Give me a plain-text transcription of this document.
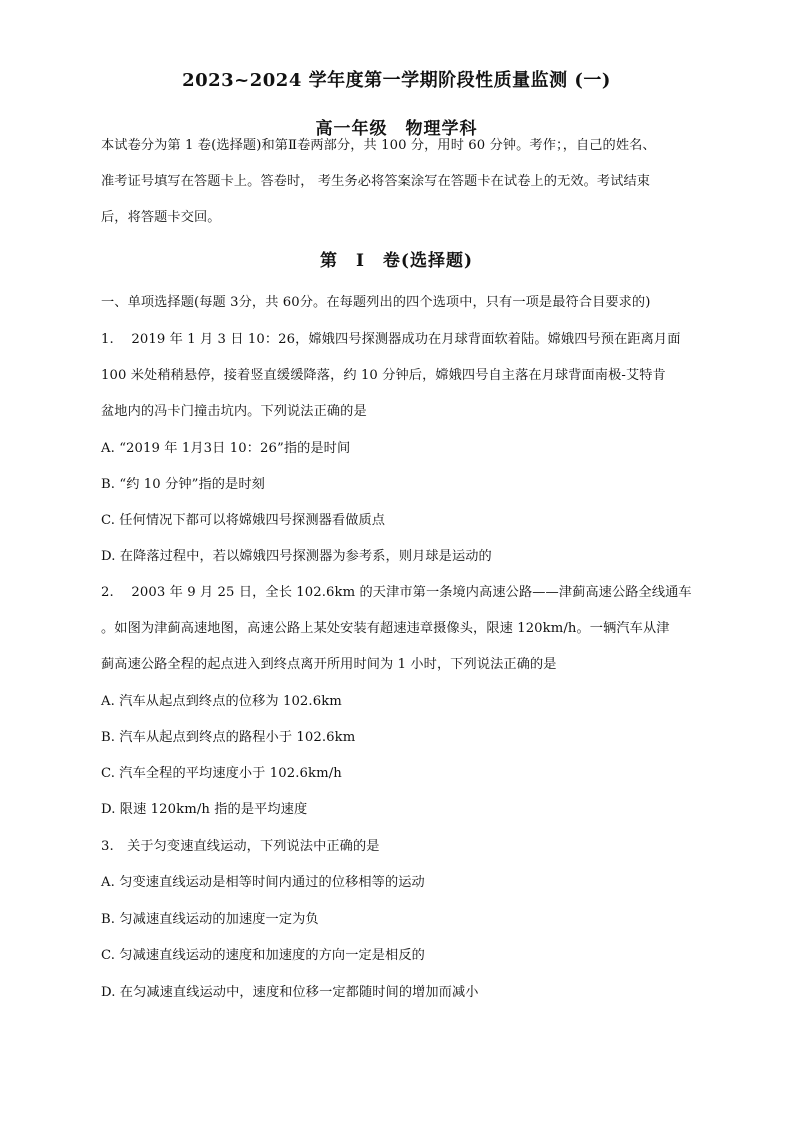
2023~2024 学年度第一学期阶段性质量监测 (一)
高一年级　物理学科
本试卷分为第 1 卷(选择题)和第Ⅱ卷两部分，共 100 分，用时 60 分钟。考作；，自己的姓名、
准考证号填写在答题卡上。答卷时， 考生务必将答案涂写在答题卡在试卷上的无效。考试结束
后，将答题卡交回。
第　Ⅰ　卷(选择题)
一、单项选择题(每题 3分，共 60分。在每题列出的四个选项中，只有一项是最符合目要求的)
1.　 2019 年 1 月 3 日 10：26，嫦娥四号探测器成功在月球背面软着陆。嫦娥四号预在距离月面
100 米处稍稍悬停，接着竖直缓缓降落，约 10 分钟后，嫦娥四号自主落在月球背面南极-艾特肯
盆地内的冯卡门撞击坑内。下列说法正确的是
A. “2019 年 1月3日 10：26”指的是时间
B. “约 10 分钟”指的是时刻
C. 任何情况下都可以将嫦娥四号探测器看做质点
D. 在降落过程中，若以嫦娥四号探测器为参考系，则月球是运动的
2.　 2003 年 9 月 25 日，全长 102.6km 的天津市第一条境内高速公路——津蓟高速公路全线通车
。如图为津蓟高速地图，高速公路上某处安装有超速违章摄像头，限速 120km/h。一辆汽车从津
蓟高速公路全程的起点进入到终点离开所用时间为 1 小时，下列说法正确的是
A. 汽车从起点到终点的位移为 102.6km
B. 汽车从起点到终点的路程小于 102.6km
C. 汽车全程的平均速度小于 102.6km/h
D. 限速 120km/h 指的是平均速度
3.　关于匀变速直线运动，下列说法中正确的是
A. 匀变速直线运动是相等时间内通过的位移相等的运动
B. 匀减速直线运动的加速度一定为负
C. 匀减速直线运动的速度和加速度的方向一定是相反的
D. 在匀减速直线运动中，速度和位移一定都随时间的增加而减小
